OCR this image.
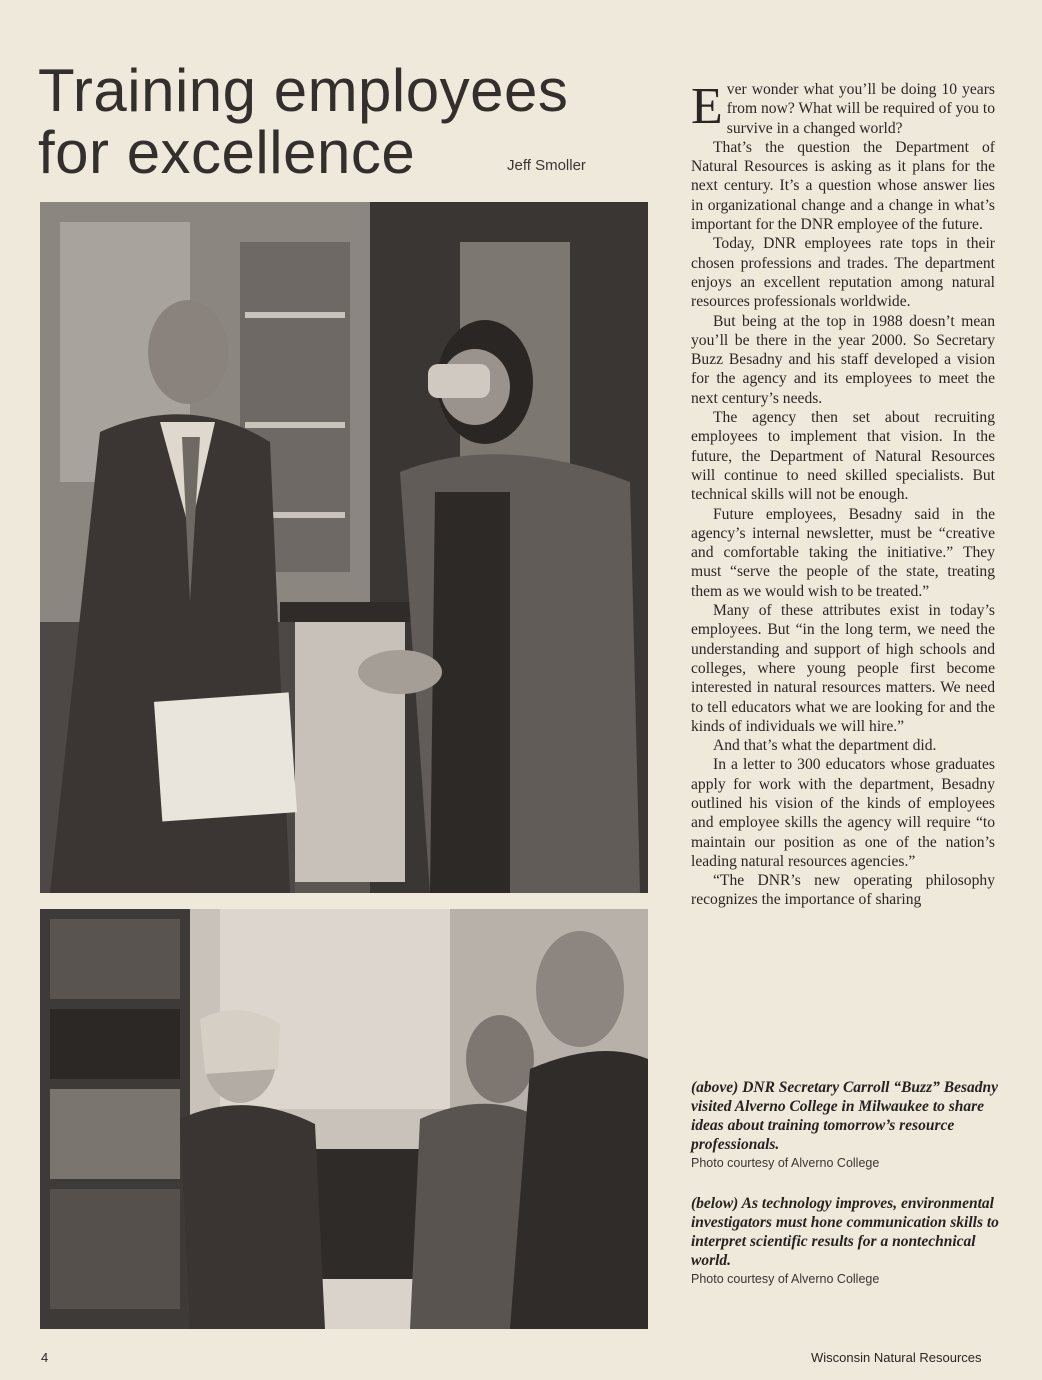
Training employees
for excellence	Jeff Smoller

Ever wonder what you’ll be doing 10 years from now? What will be required of you to survive in a changed world?

That’s the question the Department of Natural Resources is asking as it plans for the next century. It’s a question whose answer lies in organizational change and a change in what’s important for the DNR employee of the future.

Today, DNR employees rate tops in their chosen professions and trades. The department enjoys an excellent reputation among natural resources professionals worldwide.

But being at the top in 1988 doesn’t mean you’ll be there in the year 2000. So Secretary Buzz Besadny and his staff developed a vision for the agency and its employees to meet the next century’s needs.

The agency then set about recruiting employees to implement that vision. In the future, the Department of Natural Resources will continue to need skilled specialists. But technical skills will not be enough.

Future employees, Besadny said in the agency’s internal newsletter, must be “creative and comfortable taking the initiative.” They must “serve the people of the state, treating them as we would wish to be treated.”

Many of these attributes exist in today’s employees. But “in the long term, we need the understanding and support of high schools and colleges, where young people first become interested in natural resources matters. We need to tell educators what we are looking for and the kinds of individuals we will hire.”

And that’s what the department did.

In a letter to 300 educators whose graduates apply for work with the department, Besadny outlined his vision of the kinds of employees and employee skills the agency will require “to maintain our position as one of the nation’s leading natural resources agencies.”

“The DNR’s new operating philosophy recognizes the importance of sharing

(above) DNR Secretary Carroll “Buzz” Besadny visited Alverno College in Milwaukee to share ideas about training tomorrow’s resource professionals.
Photo courtesy of Alverno College
(below) As technology improves, environmental investigators must hone communication skills to interpret scientific results for a nontechnical world.
Photo courtesy of Alverno College
4	Wisconsin Natural Resources
